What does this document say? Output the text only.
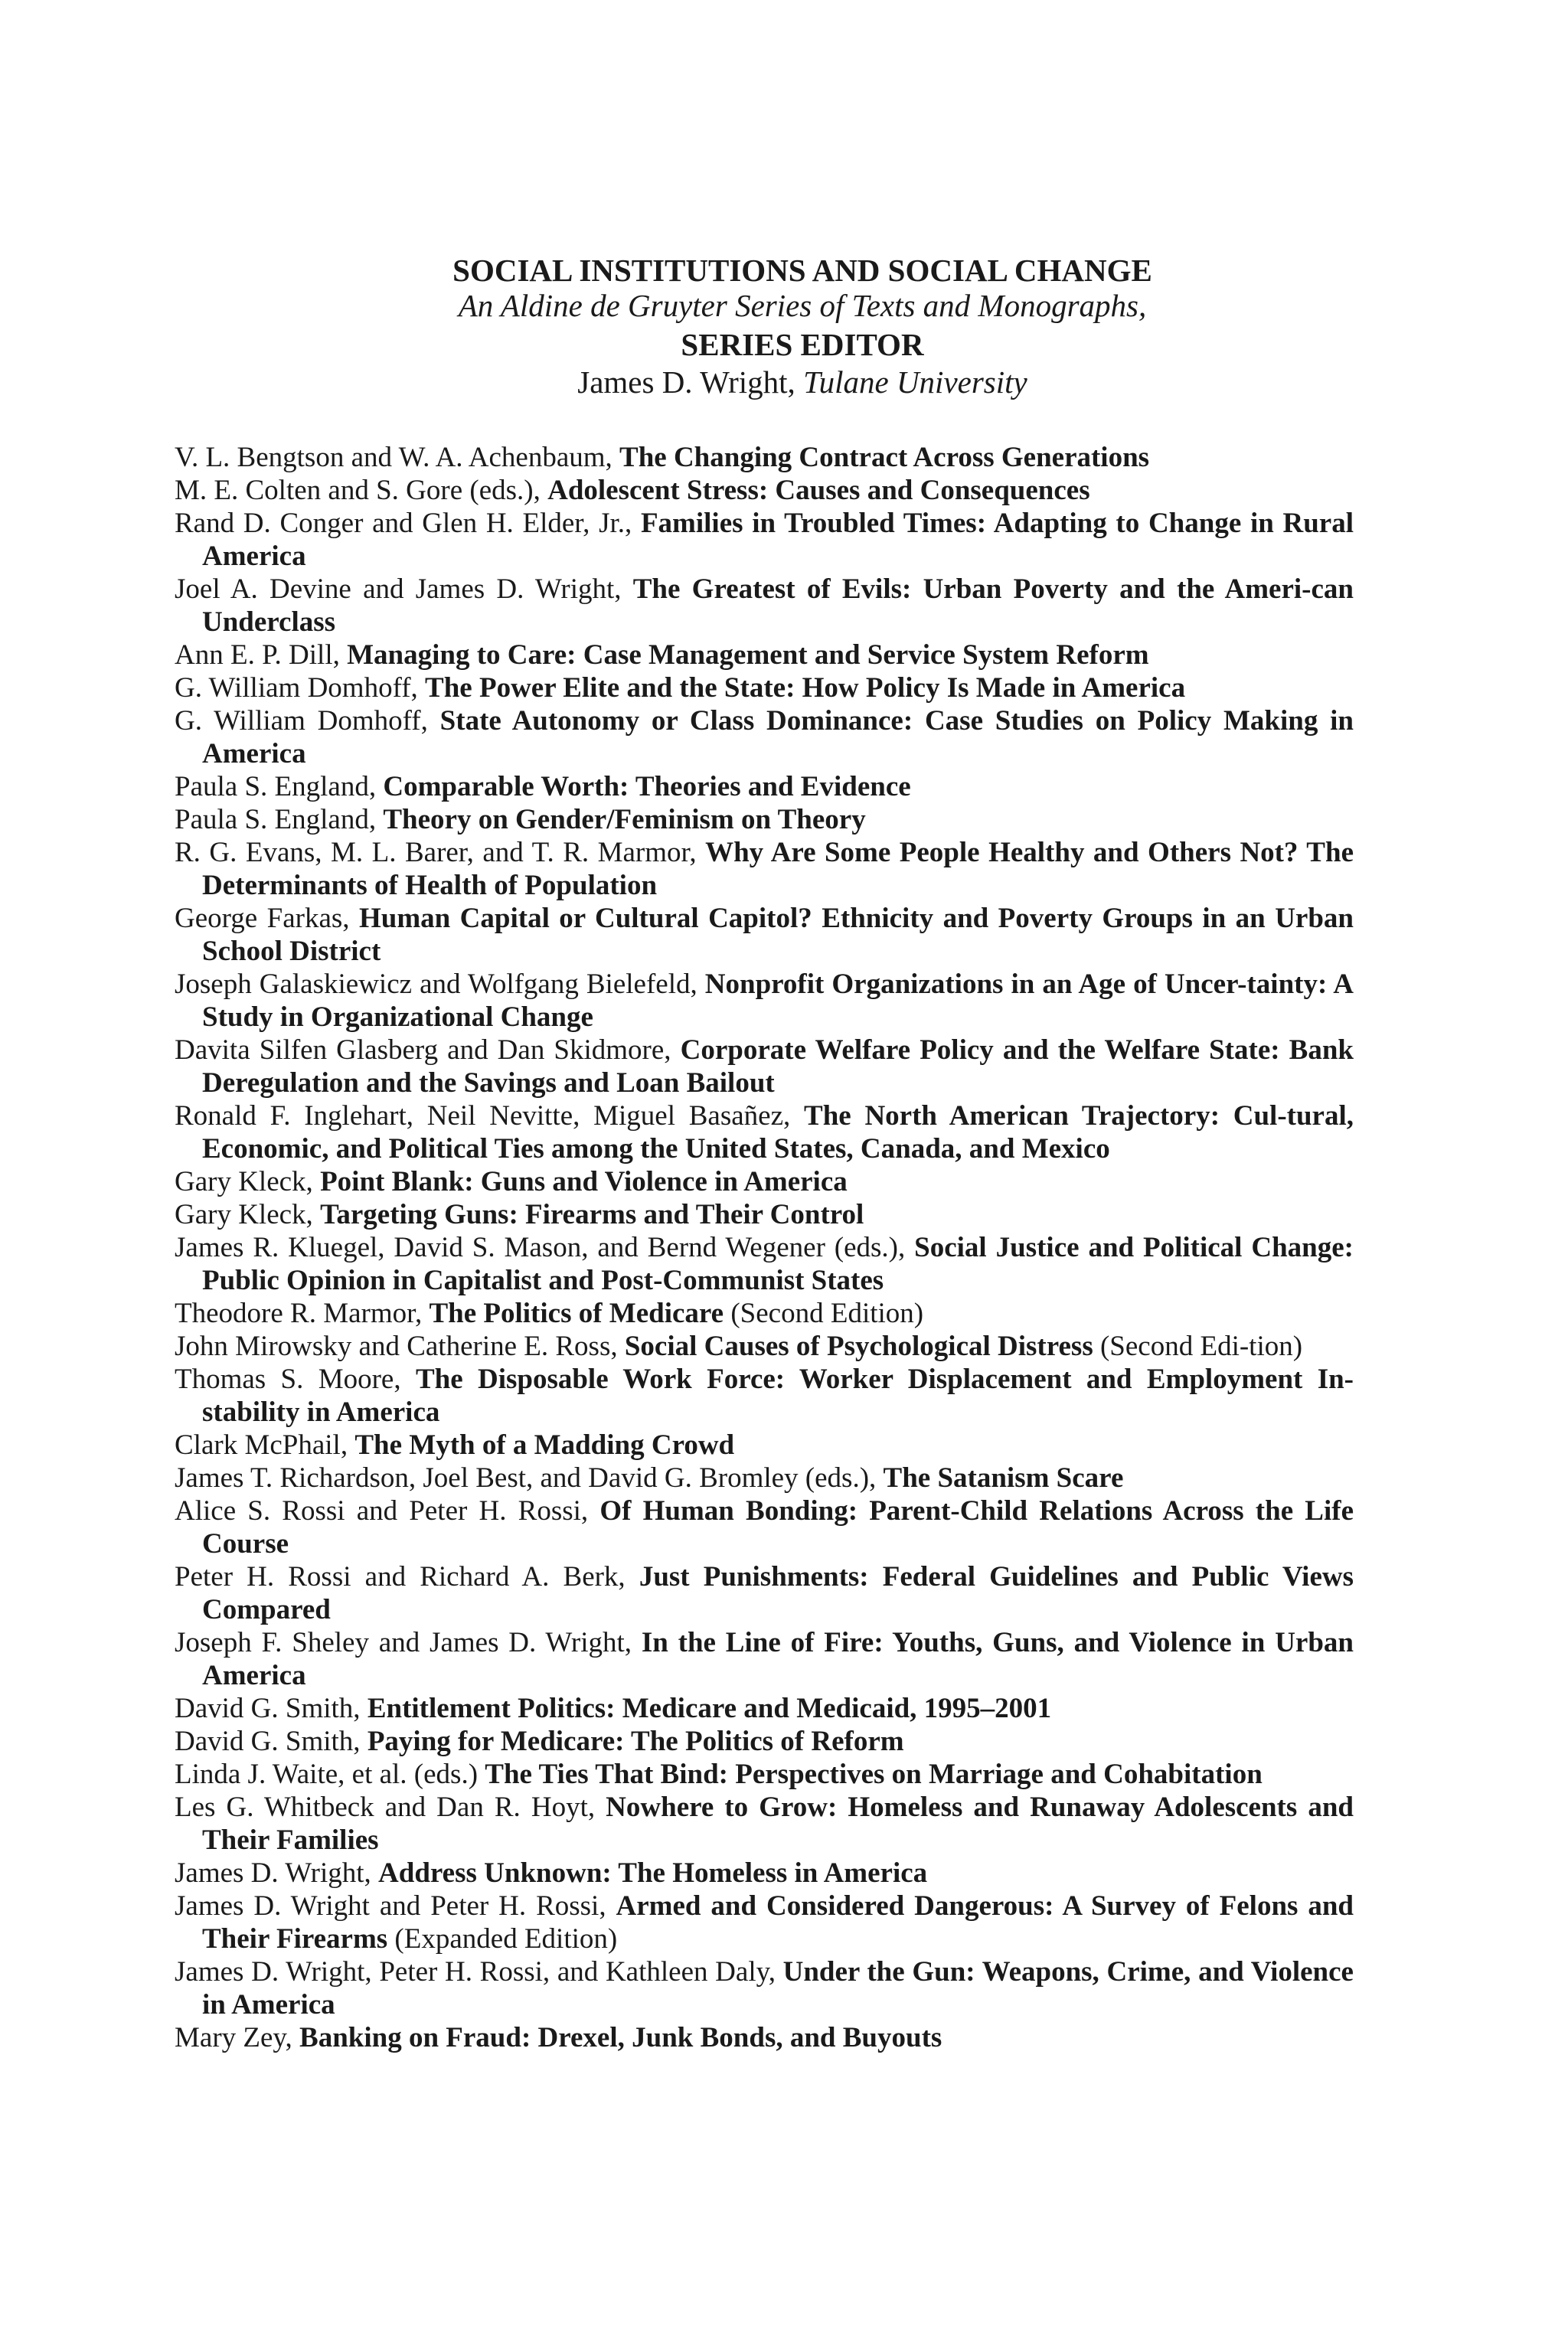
SOCIAL INSTITUTIONS AND SOCIAL CHANGE
An Aldine de Gruyter Series of Texts and Monographs,
SERIES EDITOR
James D. Wright, Tulane University
V. L. Bengtson and W. A. Achenbaum, The Changing Contract Across Generations
M. E. Colten and S. Gore (eds.), Adolescent Stress: Causes and Consequences
Rand D. Conger and Glen H. Elder, Jr., Families in Troubled Times: Adapting to Change in Rural America
Joel A. Devine and James D. Wright, The Greatest of Evils: Urban Poverty and the Ameri-can Underclass
Ann E. P. Dill, Managing to Care: Case Management and Service System Reform
G. William Domhoff, The Power Elite and the State: How Policy Is Made in America
G. William Domhoff, State Autonomy or Class Dominance: Case Studies on Policy Making in America
Paula S. England, Comparable Worth: Theories and Evidence
Paula S. England, Theory on Gender/Feminism on Theory
R. G. Evans, M. L. Barer, and T. R. Marmor, Why Are Some People Healthy and Others Not? The Determinants of Health of Population
George Farkas, Human Capital or Cultural Capitol? Ethnicity and Poverty Groups in an Urban School District
Joseph Galaskiewicz and Wolfgang Bielefeld, Nonprofit Organizations in an Age of Uncer-tainty: A Study in Organizational Change
Davita Silfen Glasberg and Dan Skidmore, Corporate Welfare Policy and the Welfare State: Bank Deregulation and the Savings and Loan Bailout
Ronald F. Inglehart, Neil Nevitte, Miguel Basañez, The North American Trajectory: Cul-tural, Economic, and Political Ties among the United States, Canada, and Mexico
Gary Kleck, Point Blank: Guns and Violence in America
Gary Kleck, Targeting Guns: Firearms and Their Control
James R. Kluegel, David S. Mason, and Bernd Wegener (eds.), Social Justice and Political Change: Public Opinion in Capitalist and Post-Communist States
Theodore R. Marmor, The Politics of Medicare (Second Edition)
John Mirowsky and Catherine E. Ross, Social Causes of Psychological Distress (Second Edi-tion)
Thomas S. Moore, The Disposable Work Force: Worker Displacement and Employment In-stability in America
Clark McPhail, The Myth of a Madding Crowd
James T. Richardson, Joel Best, and David G. Bromley (eds.), The Satanism Scare
Alice S. Rossi and Peter H. Rossi, Of Human Bonding: Parent-Child Relations Across the Life Course
Peter H. Rossi and Richard A. Berk, Just Punishments: Federal Guidelines and Public Views Compared
Joseph F. Sheley and James D. Wright, In the Line of Fire: Youths, Guns, and Violence in Urban America
David G. Smith, Entitlement Politics: Medicare and Medicaid, 1995–2001
David G. Smith, Paying for Medicare: The Politics of Reform
Linda J. Waite, et al. (eds.) The Ties That Bind: Perspectives on Marriage and Cohabitation
Les G. Whitbeck and Dan R. Hoyt, Nowhere to Grow: Homeless and Runaway Adolescents and Their Families
James D. Wright, Address Unknown: The Homeless in America
James D. Wright and Peter H. Rossi, Armed and Considered Dangerous: A Survey of Felons and Their Firearms (Expanded Edition)
James D. Wright, Peter H. Rossi, and Kathleen Daly, Under the Gun: Weapons, Crime, and Violence in America
Mary Zey, Banking on Fraud: Drexel, Junk Bonds, and Buyouts
